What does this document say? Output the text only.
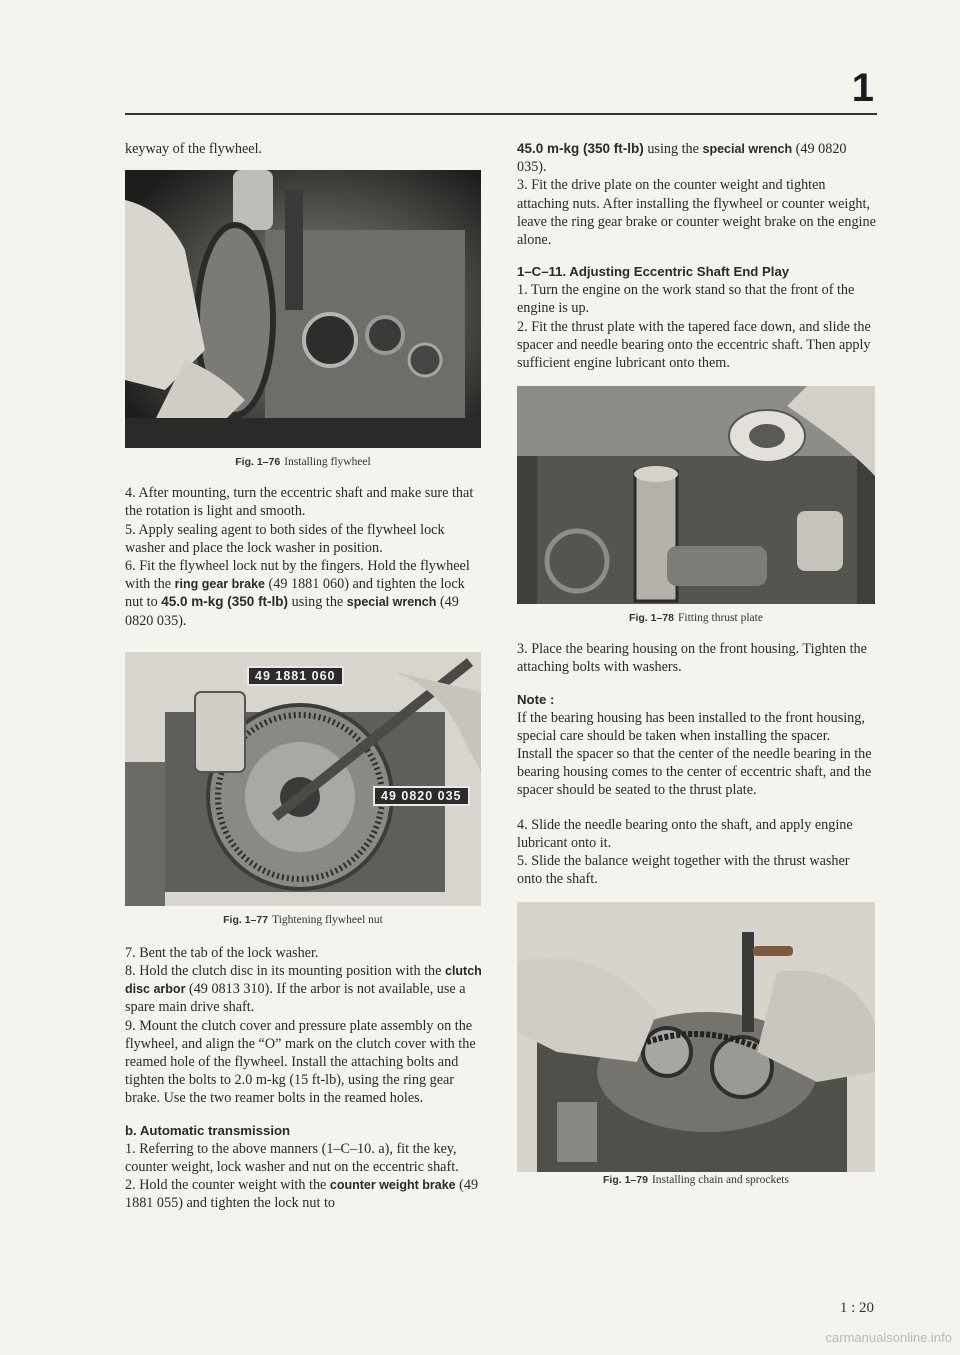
1

keyway of the flywheel.

Fig. 1–76 Installing flywheel

4. After mounting, turn the eccentric shaft and make sure that the rotation is light and smooth.

5. Apply sealing agent to both sides of the flywheel lock washer and place the lock washer in position.

6. Fit the flywheel lock nut by the fingers. Hold the flywheel with the ring gear brake (49 1881 060) and tighten the lock nut to 45.0 m-kg (350 ft-lb) using the special wrench (49 0820 035).

49 1881 060
49 0820 035
Fig. 1–77 Tightening flywheel nut

7. Bent the tab of the lock washer.

8. Hold the clutch disc in its mounting position with the clutch disc arbor (49 0813 310). If the arbor is not available, use a spare main drive shaft.

9. Mount the clutch cover and pressure plate assembly on the flywheel, and align the “O” mark on the clutch cover with the reamed hole of the flywheel. Install the attaching bolts and tighten the bolts to 2.0 m-kg (15 ft-lb), using the ring gear brake. Use the two reamer bolts in the reamed holes.

b. Automatic transmission

1. Referring to the above manners (1–C–10. a), fit the key, counter weight, lock washer and nut on the eccentric shaft.

2. Hold the counter weight with the counter weight brake (49 1881 055) and tighten the lock nut to

45.0 m-kg (350 ft-lb) using the special wrench (49 0820 035).

3. Fit the drive plate on the counter weight and tighten attaching nuts. After installing the flywheel or counter weight, leave the ring gear brake or counter weight brake on the engine alone.

1–C–11. Adjusting Eccentric Shaft End Play

1. Turn the engine on the work stand so that the front of the engine is up.

2. Fit the thrust plate with the tapered face down, and slide the spacer and needle bearing onto the eccentric shaft. Then apply sufficient engine lubricant onto them.

Fig. 1–78 Fitting thrust plate

3. Place the bearing housing on the front housing. Tighten the attaching bolts with washers.

Note :

If the bearing housing has been installed to the front housing, special care should be taken when installing the spacer.

Install the spacer so that the center of the needle bearing in the bearing housing comes to the center of eccentric shaft, and the spacer should be seated to the thrust plate.

4. Slide the needle bearing onto the shaft, and apply engine lubricant onto it.

5. Slide the balance weight together with the thrust washer onto the shaft.

Fig. 1–79 Installing chain and sprockets
1 : 20
carmanualsonline.info
